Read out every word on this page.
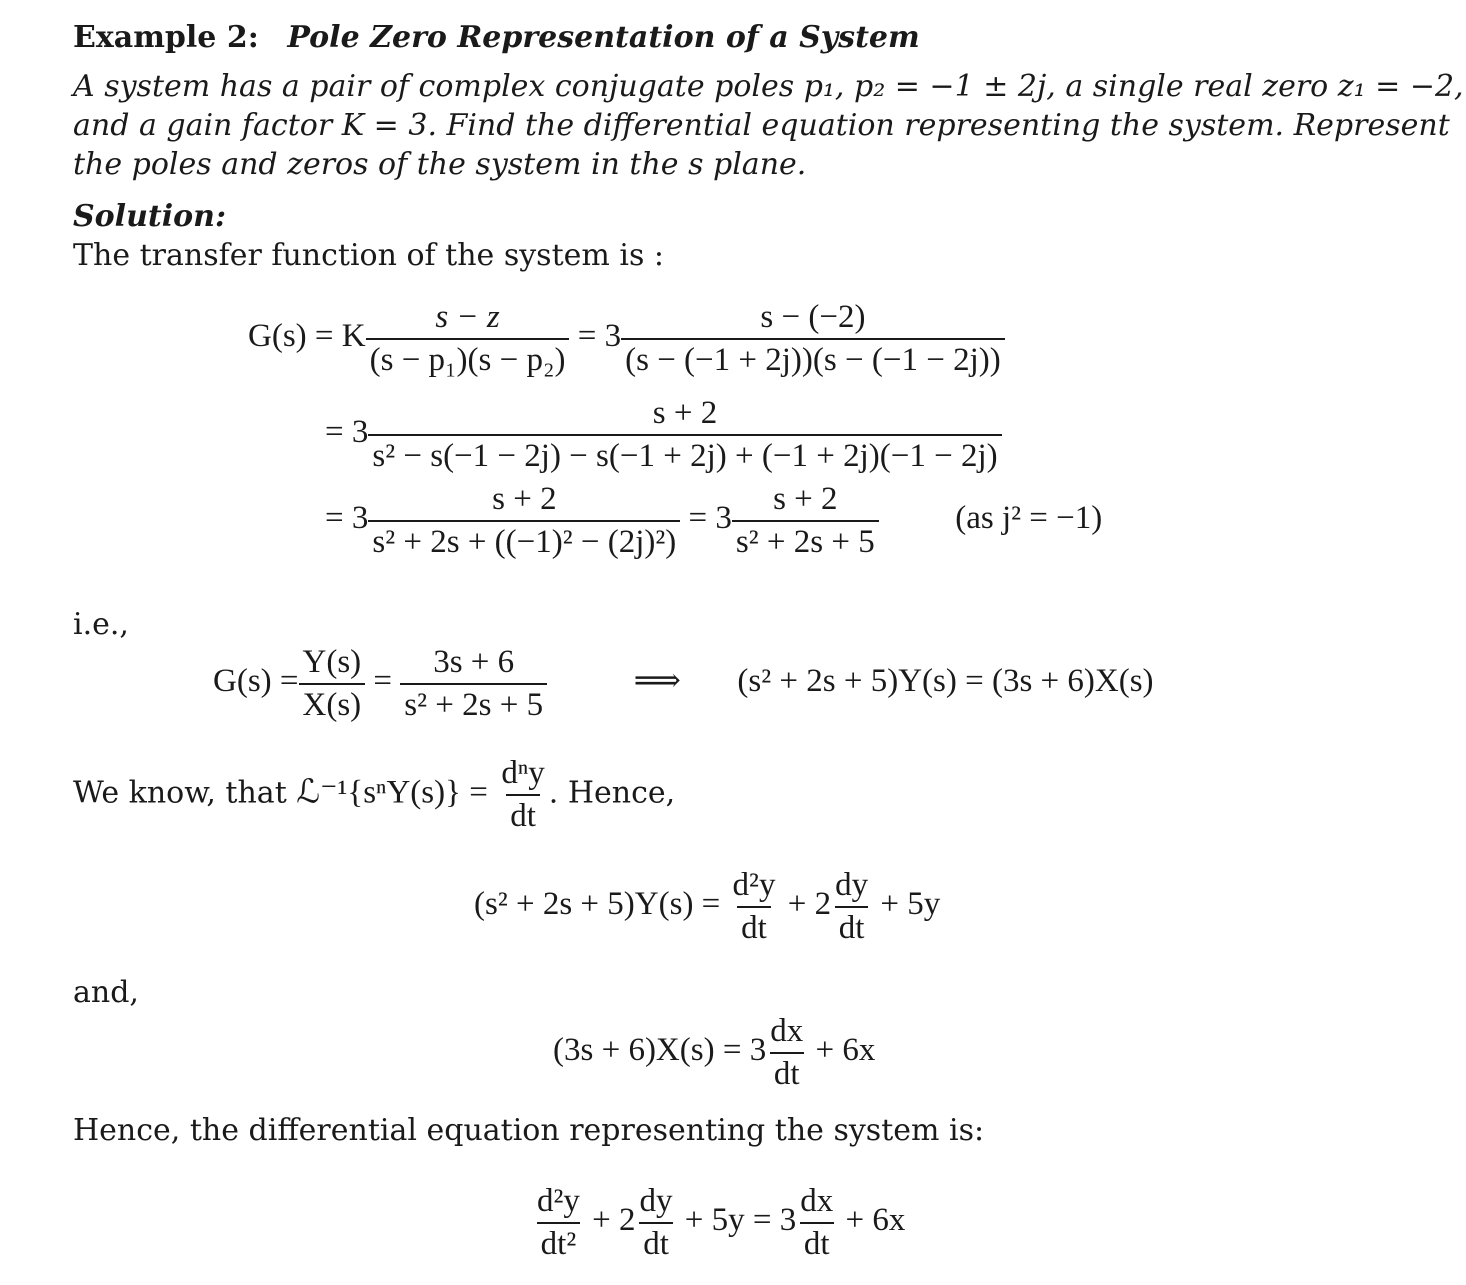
Example 2: Pole Zero Representation of a System
A system has a pair of complex conjugate poles p₁, p₂ = −1 ± 2j, a single real zero z₁ = −2,
and a gain factor K = 3. Find the differential equation representing the system. Represent
the poles and zeros of the system in the s plane.
Solution:
The transfer function of the system is :
G(s) = K $\frac{s - z}{\text{(s − p₁)(s − p₂)}} = 3 \frac{s - (-2)}{(s - (-1 + 2j))(s - (-1 - 2j))}$
= $3 \frac{s + 2}{\text{s² − s(−1 − 2j) − s(−1 + 2j) + (−1 + 2j)(−1 − 2j)}}$
= $3 \frac{s + 2}{\text{s² + 2s + ((−1)² − (2j)²)}} = 3 \frac{s + 2}{\text{s² + 2s + 5}} (as$ j² = −1)
i.e.,
$G(s) = \frac{Y(s)}{X(s)} = \frac{3s + 6}{\text{s² + 2s + 5}}$	⟹ (s² + 2s + 5)Y(s) = (3s + 6)X(s)
We know, that ℒ⁻¹{sⁿY(s)} = $\frac{\text{dⁿy}}{dt}$ . Hence,
$(s^2 + 2s + 5)Y(s) = \frac{\text{d²y}}{dt} + 2 \frac{dy}{dt} + 5y$
and,
$(3s + 6)X(s) = 3 \frac{dx}{dt} + 6x$
Hence, the differential equation representing the system is:
$\frac{\text{d²y}}{\text{dt²}} + 2 \frac{dy}{dt} + 5y = 3 \frac{dx}{dt} + 6x$
